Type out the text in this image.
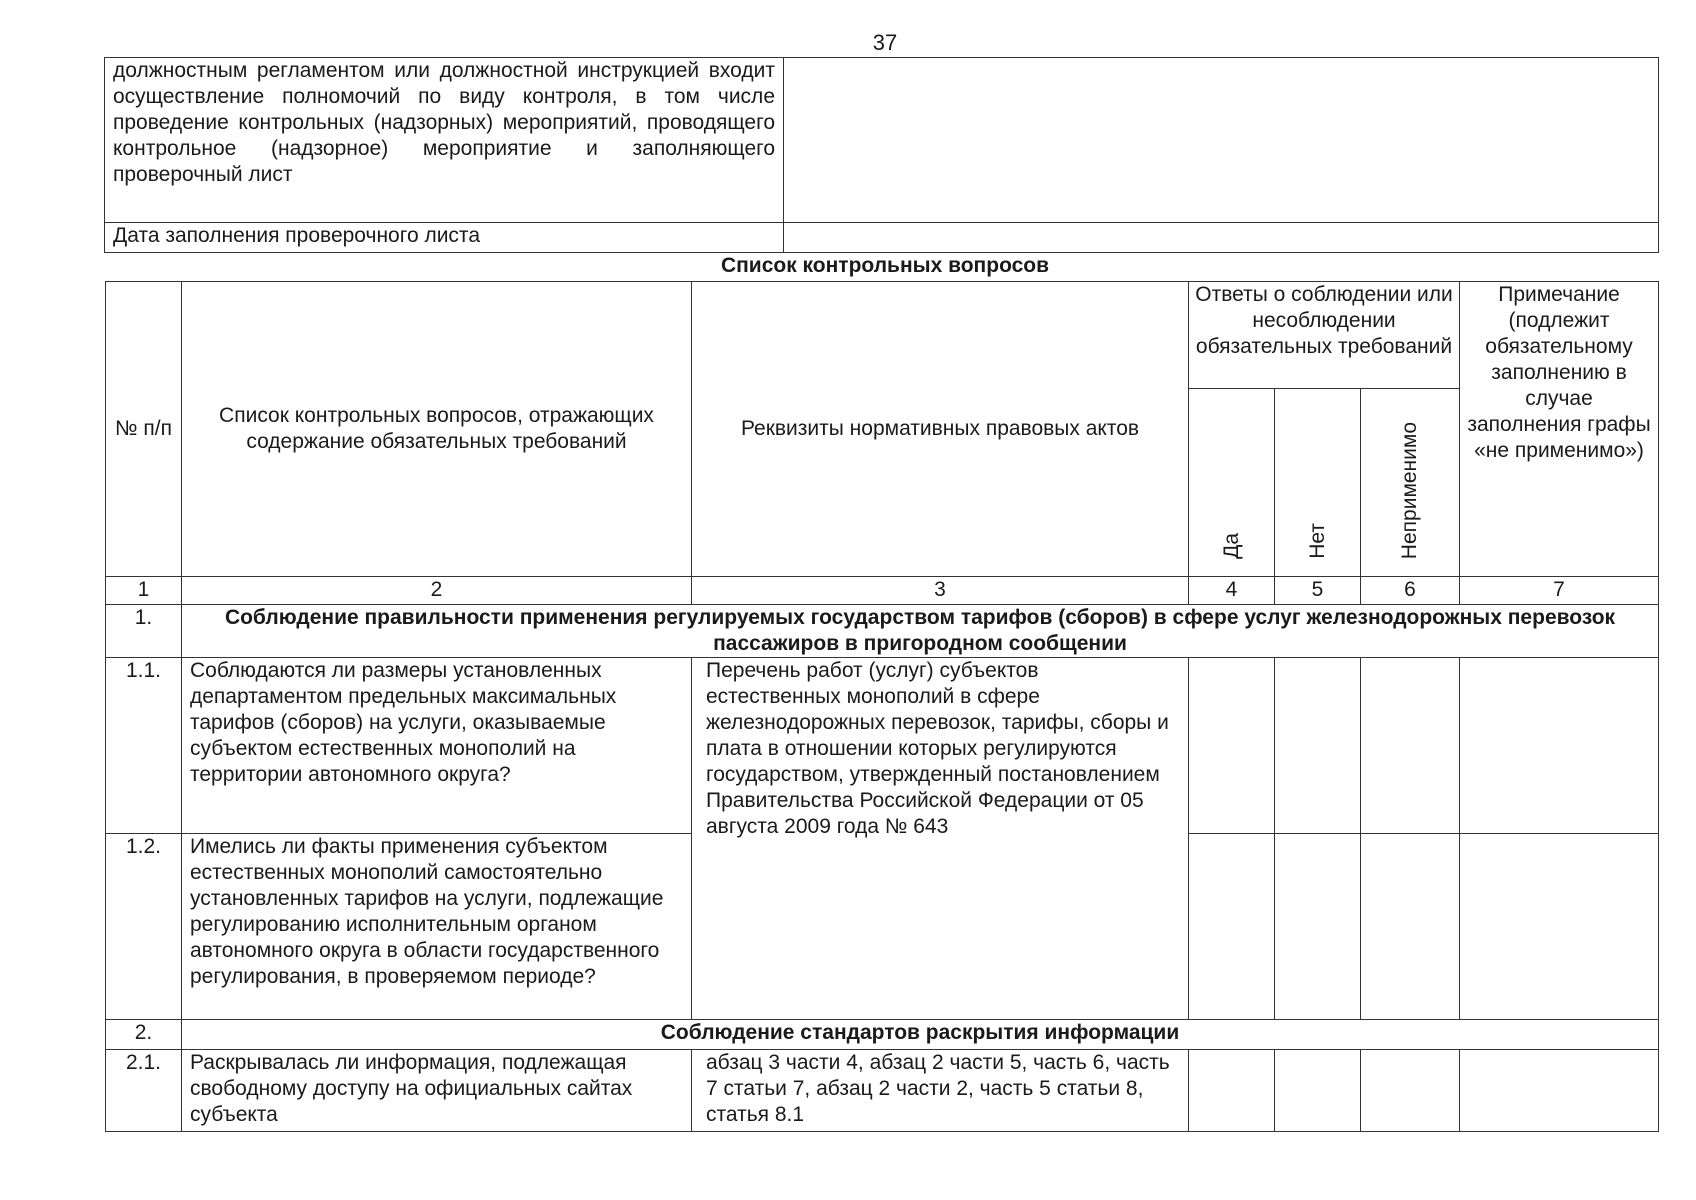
37
должностным регламентом или должностной инструкцией входит осуществление полномочий по виду контроля, в том числе проведение контрольных (надзорных) мероприятий, проводящего контрольное (надзорное) мероприятие и заполняющего проверочный лист	
Дата заполнения проверочного листа	
Список контрольных вопросов
№ п/п	Список контрольных вопросов, отражающих содержание обязательных требований	Реквизиты нормативных правовых актов	Ответы о соблюдении или несоблюдении обязательных требований			Примечание (подлежит обязательному заполнению в случае заполнения графы «не применимо»)
			Да	Нет	Неприменимо	
1	2	3	4	5	6	7
1.	Соблюдение правильности применения регулируемых государством тарифов (сборов) в сфере услуг железнодорожных перевозок пассажиров в пригородном сообщении					
1.1.	Соблюдаются ли размеры установленных департаментом предельных максимальных тарифов (сборов) на услуги, оказываемые субъектом естественных монополий на территории автономного округа?	Перечень работ (услуг) субъектов естественных монополий в сфере железнодорожных перевозок, тарифы, сборы и плата в отношении которых регулируются государством, утвержденный постановлением Правительства Российской Федерации от 05 августа 2009 года № 643				
1.2.	Имелись ли факты применения субъектом естественных монополий самостоятельно установленных тарифов на услуги, подлежащие регулированию исполнительным органом автономного округа в области государственного регулирования, в проверяемом периоде?					
2.	Соблюдение стандартов раскрытия информации					
2.1.	Раскрывалась ли информация, подлежащая свободному доступу на официальных сайтах субъекта	абзац 3 части 4, абзац 2 части 5, часть 6, часть 7 статьи 7, абзац 2 части 2, часть 5 статьи 8, статья 8.1				
